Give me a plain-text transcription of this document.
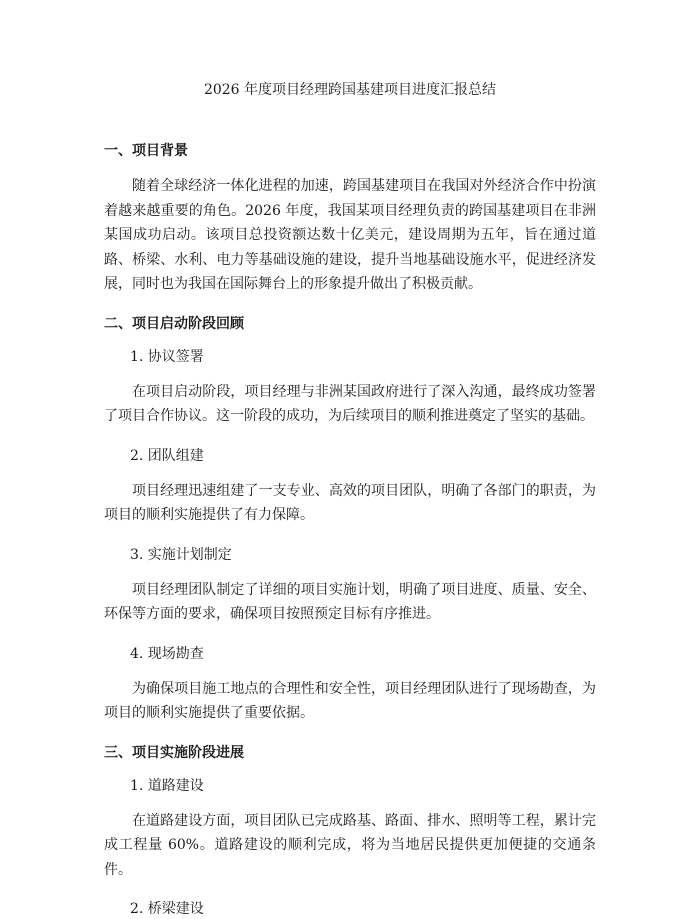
2026 年度项目经理跨国基建项目进度汇报总结
一、项目背景

随着全球经济一体化进程的加速，跨国基建项目在我国对外经济合作中扮演着越来越重要的角色。2026 年度，我国某项目经理负责的跨国基建项目在非洲某国成功启动。该项目总投资额达数十亿美元，建设周期为五年，旨在通过道路、桥梁、水利、电力等基础设施的建设，提升当地基础设施水平，促进经济发展，同时也为我国在国际舞台上的形象提升做出了积极贡献。

二、项目启动阶段回顾
1. 协议签署

在项目启动阶段，项目经理与非洲某国政府进行了深入沟通，最终成功签署了项目合作协议。这一阶段的成功，为后续项目的顺利推进奠定了坚实的基础。

2. 团队组建

项目经理迅速组建了一支专业、高效的项目团队，明确了各部门的职责，为项目的顺利实施提供了有力保障。

3. 实施计划制定

项目经理团队制定了详细的项目实施计划，明确了项目进度、质量、安全、环保等方面的要求，确保项目按照预定目标有序推进。

4. 现场勘查

为确保项目施工地点的合理性和安全性，项目经理团队进行了现场勘查，为项目的顺利实施提供了重要依据。

三、项目实施阶段进展
1. 道路建设

在道路建设方面，项目团队已完成路基、路面、排水、照明等工程，累计完成工程量 60%。道路建设的顺利完成，将为当地居民提供更加便捷的交通条件。

2. 桥梁建设
